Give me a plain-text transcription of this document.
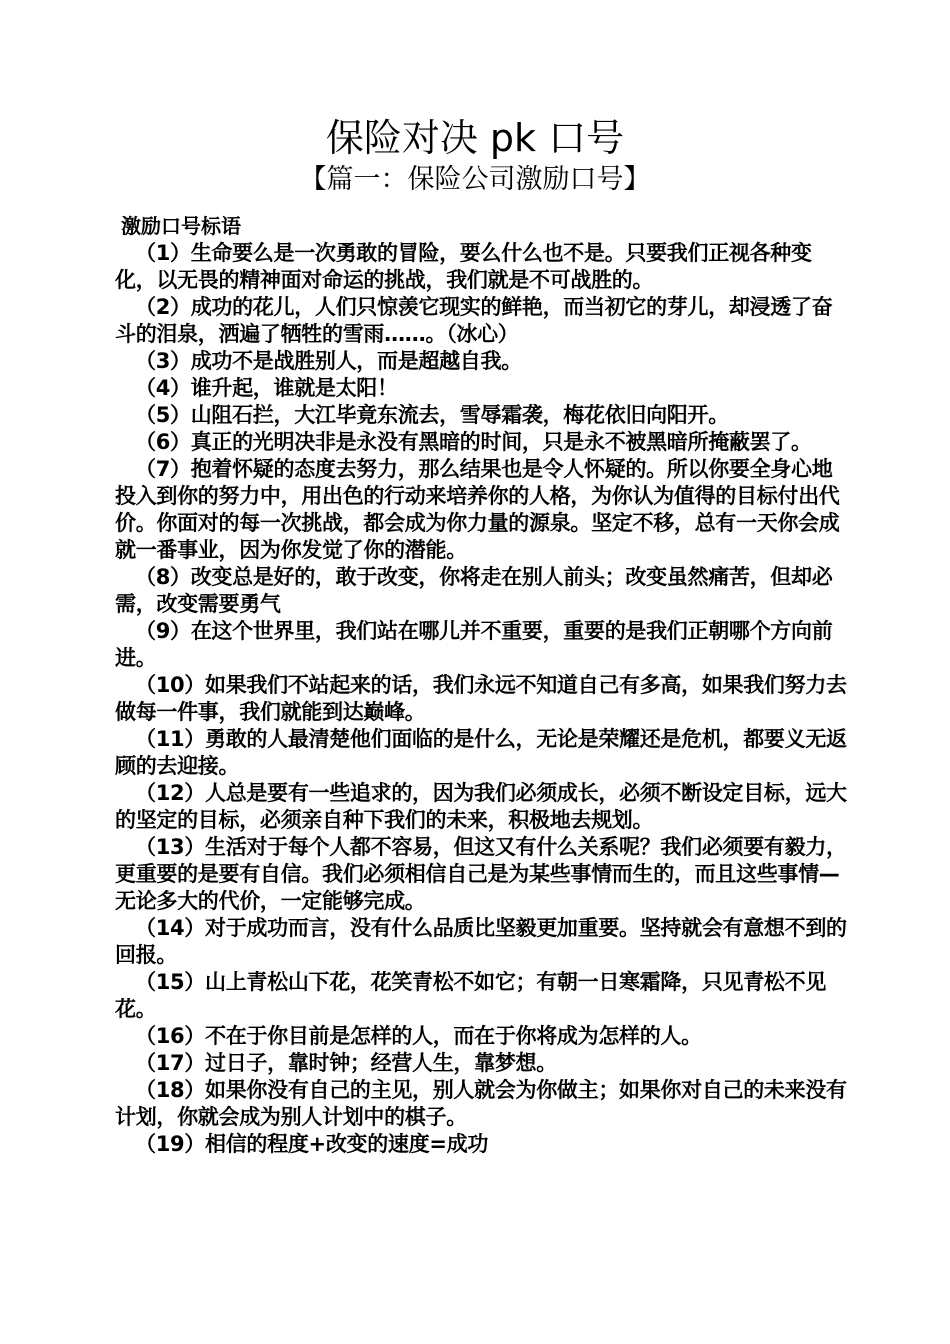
保险对决 pk 口号
【篇一：保险公司激励口号】

激励口号标语

（1）生命要么是一次勇敢的冒险，要么什么也不是。只要我们正视各种变化，以无畏的精神面对命运的挑战，我们就是不可战胜的。

（2）成功的花儿，人们只惊羡它现实的鲜艳，而当初它的芽儿，却浸透了奋斗的泪泉，洒遍了牺牲的雪雨……。（冰心）

（3）成功不是战胜别人，而是超越自我。

（4）谁升起，谁就是太阳！

（5）山阻石拦，大江毕竟东流去，雪辱霜袭，梅花依旧向阳开。

（6）真正的光明决非是永没有黑暗的时间，只是永不被黑暗所掩蔽罢了。

（7）抱着怀疑的态度去努力，那么结果也是令人怀疑的。所以你要全身心地投入到你的努力中，用出色的行动来培养你的人格，为你认为值得的目标付出代价。你面对的每一次挑战，都会成为你力量的源泉。坚定不移，总有一天你会成就一番事业，因为你发觉了你的潜能。

（8）改变总是好的，敢于改变，你将走在别人前头；改变虽然痛苦，但却必需，改变需要勇气

（9）在这个世界里，我们站在哪儿并不重要，重要的是我们正朝哪个方向前进。

（10）如果我们不站起来的话，我们永远不知道自己有多高，如果我们努力去做每一件事，我们就能到达巅峰。

（11）勇敢的人最清楚他们面临的是什么，无论是荣耀还是危机，都要义无返顾的去迎接。

（12）人总是要有一些追求的，因为我们必须成长，必须不断设定目标，远大的坚定的目标，必须亲自种下我们的未来，积极地去规划。

（13）生活对于每个人都不容易，但这又有什么关系呢？我们必须要有毅力，更重要的是要有自信。我们必须相信自己是为某些事情而生的，而且这些事情—无论多大的代价，一定能够完成。

（14）对于成功而言，没有什么品质比坚毅更加重要。坚持就会有意想不到的回报。

（15）山上青松山下花，花笑青松不如它；有朝一日寒霜降，只见青松不见花。

（16）不在于你目前是怎样的人，而在于你将成为怎样的人。

（17）过日子，靠时钟；经营人生，靠梦想。

（18）如果你没有自己的主见，别人就会为你做主；如果你对自己的未来没有计划，你就会成为别人计划中的棋子。

（19）相信的程度+改变的速度=成功
